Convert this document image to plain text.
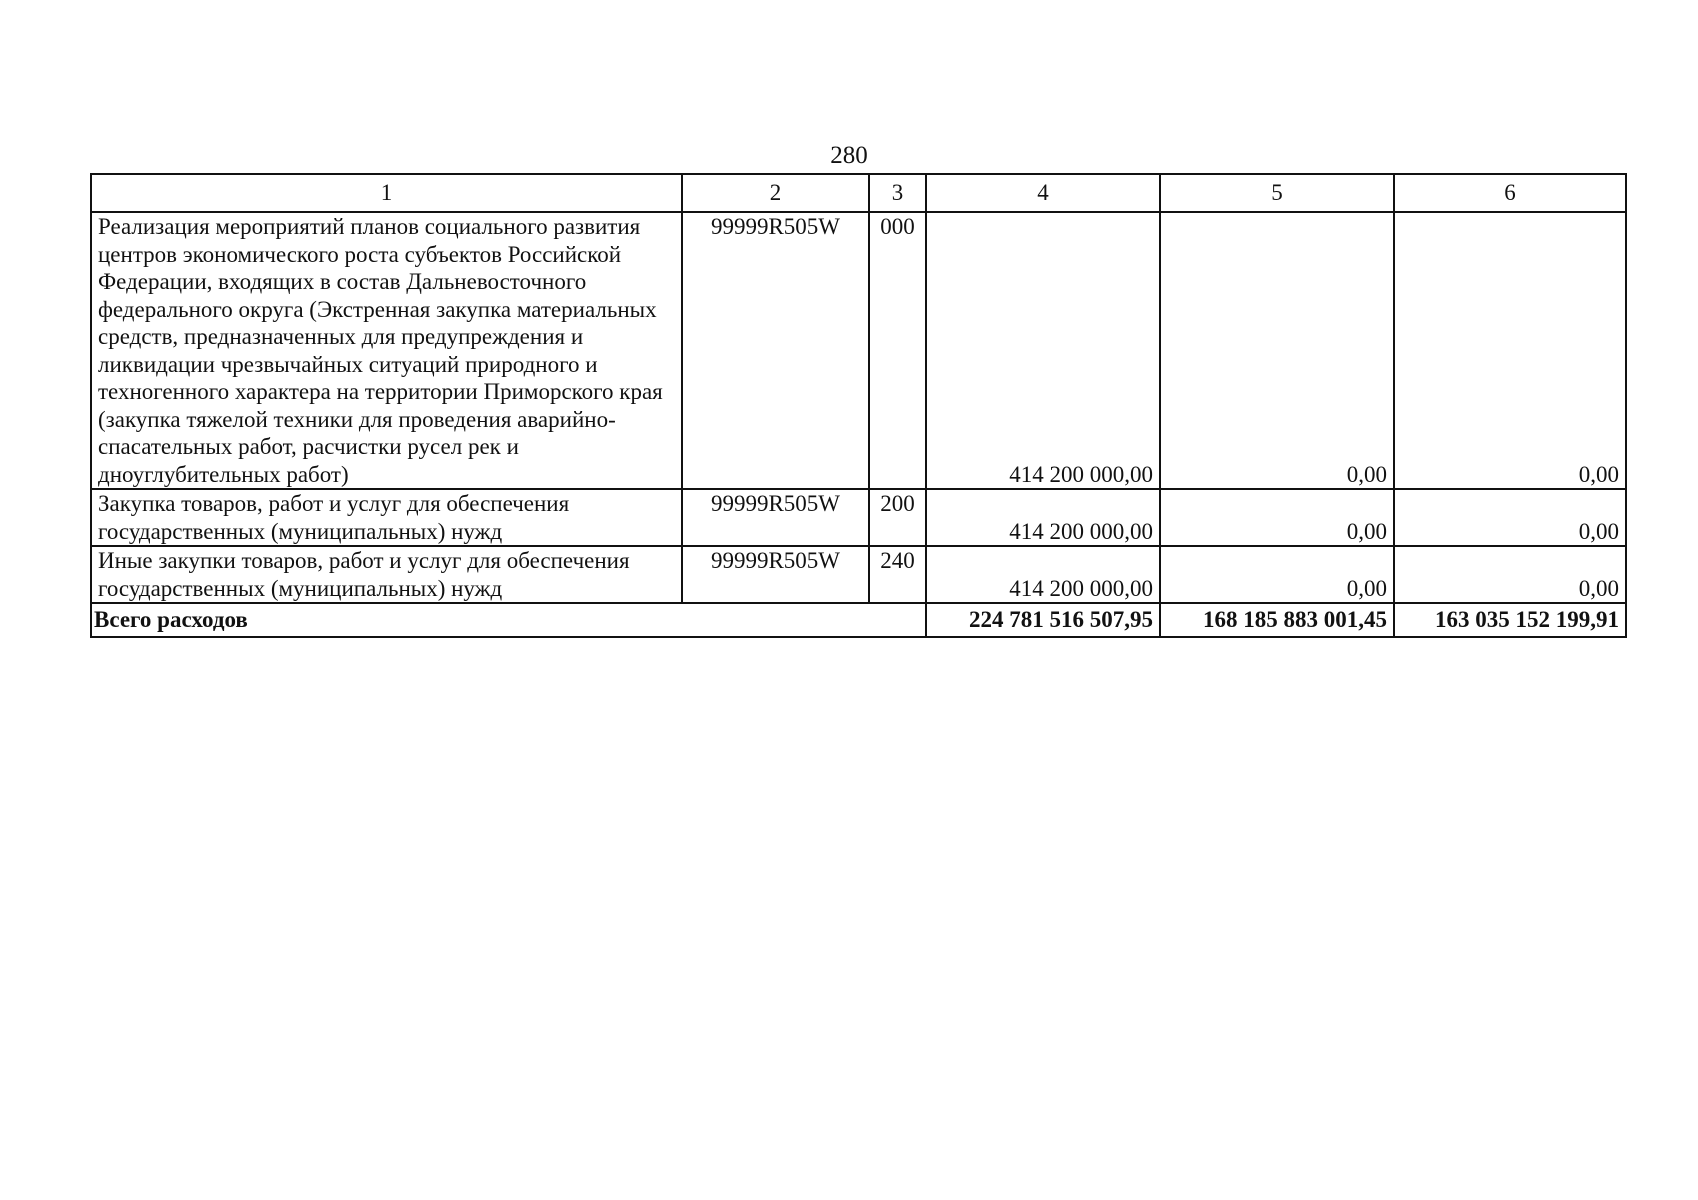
280
1	2	3	4	5	6
Реализация мероприятий планов социального развития центров экономического роста субъектов Российской Федерации, входящих в состав Дальневосточного федерального округа (Экстренная закупка материальных средств, предназначенных для предупреждения и ликвидации чрезвычайных ситуаций природного и техногенного характера на территории Приморского края (закупка тяжелой техники для проведения аварийно-спасательных работ, расчистки русел рек и дноуглубительных работ)	99999R505W	000	414 200 000,00	0,00	0,00
Закупка товаров, работ и услуг для обеспечения государственных (муниципальных) нужд	99999R505W	200	414 200 000,00	0,00	0,00
Иные закупки товаров, работ и услуг для обеспечения государственных (муниципальных) нужд	99999R505W	240	414 200 000,00	0,00	0,00
Всего расходов			224 781 516 507,95	168 185 883 001,45	163 035 152 199,91
